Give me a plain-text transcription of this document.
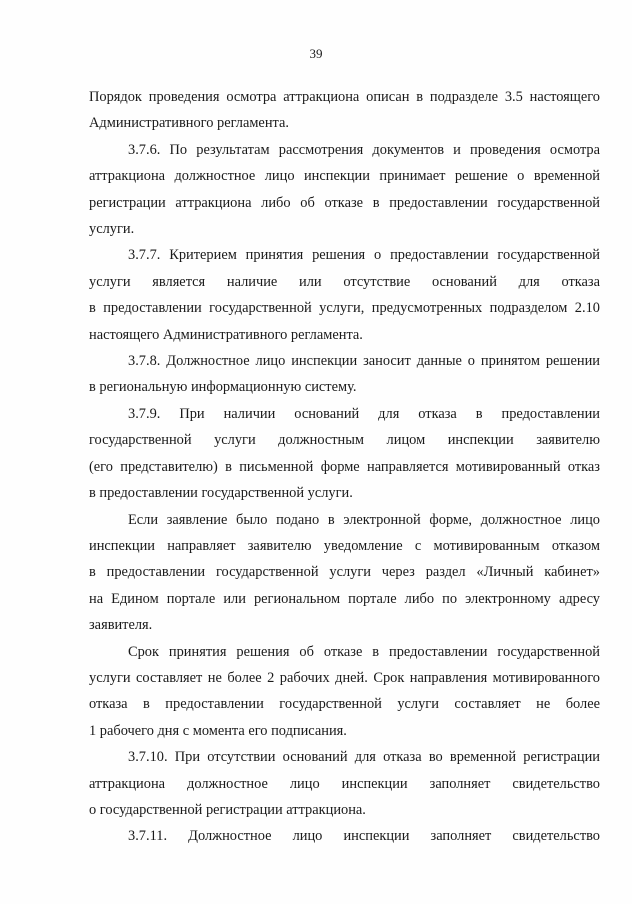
39
Порядок проведения осмотра аттракциона описан в подразделе 3.5 настоящего
Административного регламента.
3.7.6. По результатам рассмотрения документов и проведения осмотра
аттракциона должностное лицо инспекции принимает решение о временной
регистрации аттракциона либо об отказе в предоставлении государственной
услуги.
3.7.7. Критерием принятия решения о предоставлении государственной
услуги является наличие или отсутствие оснований для отказа
в предоставлении государственной услуги, предусмотренных подразделом 2.10
настоящего Административного регламента.
3.7.8. Должностное лицо инспекции заносит данные о принятом решении
в региональную информационную систему.
3.7.9. При наличии оснований для отказа в предоставлении
государственной услуги должностным лицом инспекции заявителю
(его представителю) в письменной форме направляется мотивированный отказ
в предоставлении государственной услуги.
Если заявление было подано в электронной форме, должностное лицо
инспекции направляет заявителю уведомление с мотивированным отказом
в предоставлении государственной услуги через раздел «Личный кабинет»
на Едином портале или региональном портале либо по электронному адресу
заявителя.
Срок принятия решения об отказе в предоставлении государственной
услуги составляет не более 2 рабочих дней. Срок направления мотивированного
отказа в предоставлении государственной услуги составляет не более
1 рабочего дня с момента его подписания.
3.7.10. При отсутствии оснований для отказа во временной регистрации
аттракциона должностное лицо инспекции заполняет свидетельство
о государственной регистрации аттракциона.
3.7.11. Должностное лицо инспекции заполняет свидетельство
